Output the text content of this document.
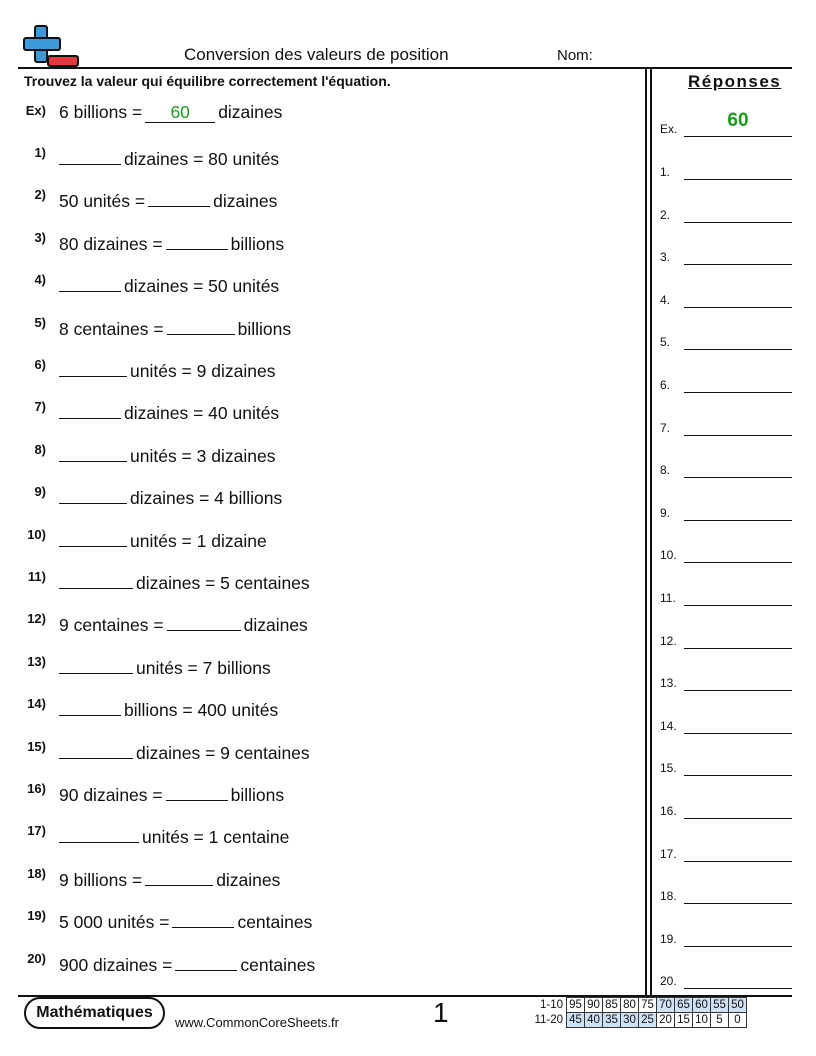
Conversion des valeurs de position	Nom:
Trouvez la valeur qui équilibre correctement l'équation.
Ex) 6 billions =	60	dizaines
1)	dizaines = 80 unités
2) 50 unités =	dizaines
3) 80 dizaines =	billions
4)	dizaines = 50 unités
5) 8 centaines =	billions
6)	unités = 9 dizaines
7)	dizaines = 40 unités
8)	unités = 3 dizaines
9)	dizaines = 4 billions
10)	unités = 1 dizaine
11)	dizaines = 5 centaines
12) 9 centaines =	dizaines
13)	unités = 7 billions
14)	billions = 400 unités
15)	dizaines = 9 centaines
16) 90 dizaines =	billions
17)	unités = 1 centaine
18) 9 billions =	dizaines
19) 5 000 unités =	centaines
20) 900 dizaines =	centaines
Réponses
Ex.	60
1.
2.
3.
4.
5.
6.
7.
8.
9.
10.
11.
12.
13.
14.
15.
16.
17.
18.
19.
20.
Mathématiques
www.CommonCoreSheets.fr	1	1-10	95	90	85	80	75	70	65	60	55	50
11-20	45	40	35	30	25	20	15	10	5	0
